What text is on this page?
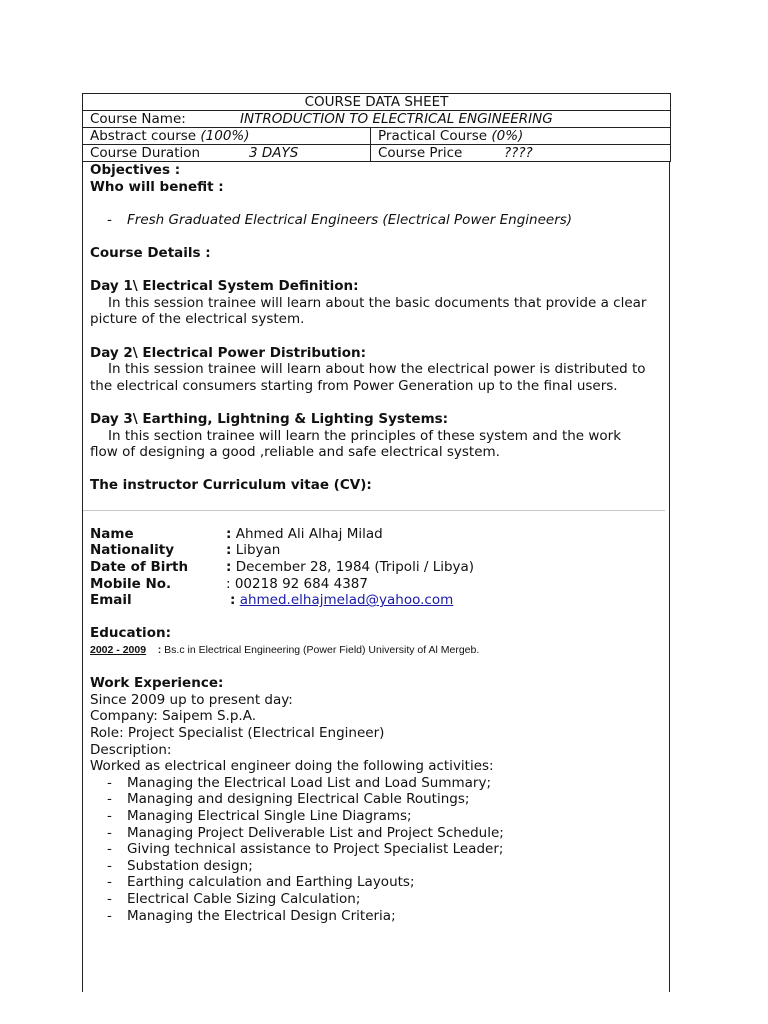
COURSE DATA SHEET	
Course Name: INTRODUCTION TO ELECTRICAL ENGINEERING	
Abstract course (100%)	Practical Course (0%)
Course Duration 3 DAYS	Course Price ????
Objectives :
Who will benefit :
- Fresh Graduated Electrical Engineers (Electrical Power Engineers)
Course Details :
Day 1\ Electrical System Definition:
In this session trainee will learn about the basic documents that provide a clear
picture of the electrical system.
Day 2\ Electrical Power Distribution:
In this session trainee will learn about how the electrical power is distributed to
the electrical consumers starting from Power Generation up to the final users.
Day 3\ Earthing, Lightning & Lighting Systems:
In this section trainee will learn the principles of these system and the work
flow of designing a good ,reliable and safe electrical system.
The instructor Curriculum vitae (CV):
Name	: Ahmed Ali Alhaj Milad
Nationality	: Libyan
Date of Birth	: December 28, 1984 (Tripoli / Libya)
Mobile No.	: 00218 92 684 4387
Email	: ahmed.elhajmelad@yahoo.com
Education:
2002 - 2009 : Bs.c in Electrical Engineering (Power Field) University of Al Mergeb.
Work Experience:
Since 2009 up to present day:
Company: Saipem S.p.A.
Role: Project Specialist (Electrical Engineer)
Description:
Worked as electrical engineer doing the following activities:
- Managing the Electrical Load List and Load Summary;
- Managing and designing Electrical Cable Routings;
- Managing Electrical Single Line Diagrams;
- Managing Project Deliverable List and Project Schedule;
- Giving technical assistance to Project Specialist Leader;
- Substation design;
- Earthing calculation and Earthing Layouts;
- Electrical Cable Sizing Calculation;
- Managing the Electrical Design Criteria;
